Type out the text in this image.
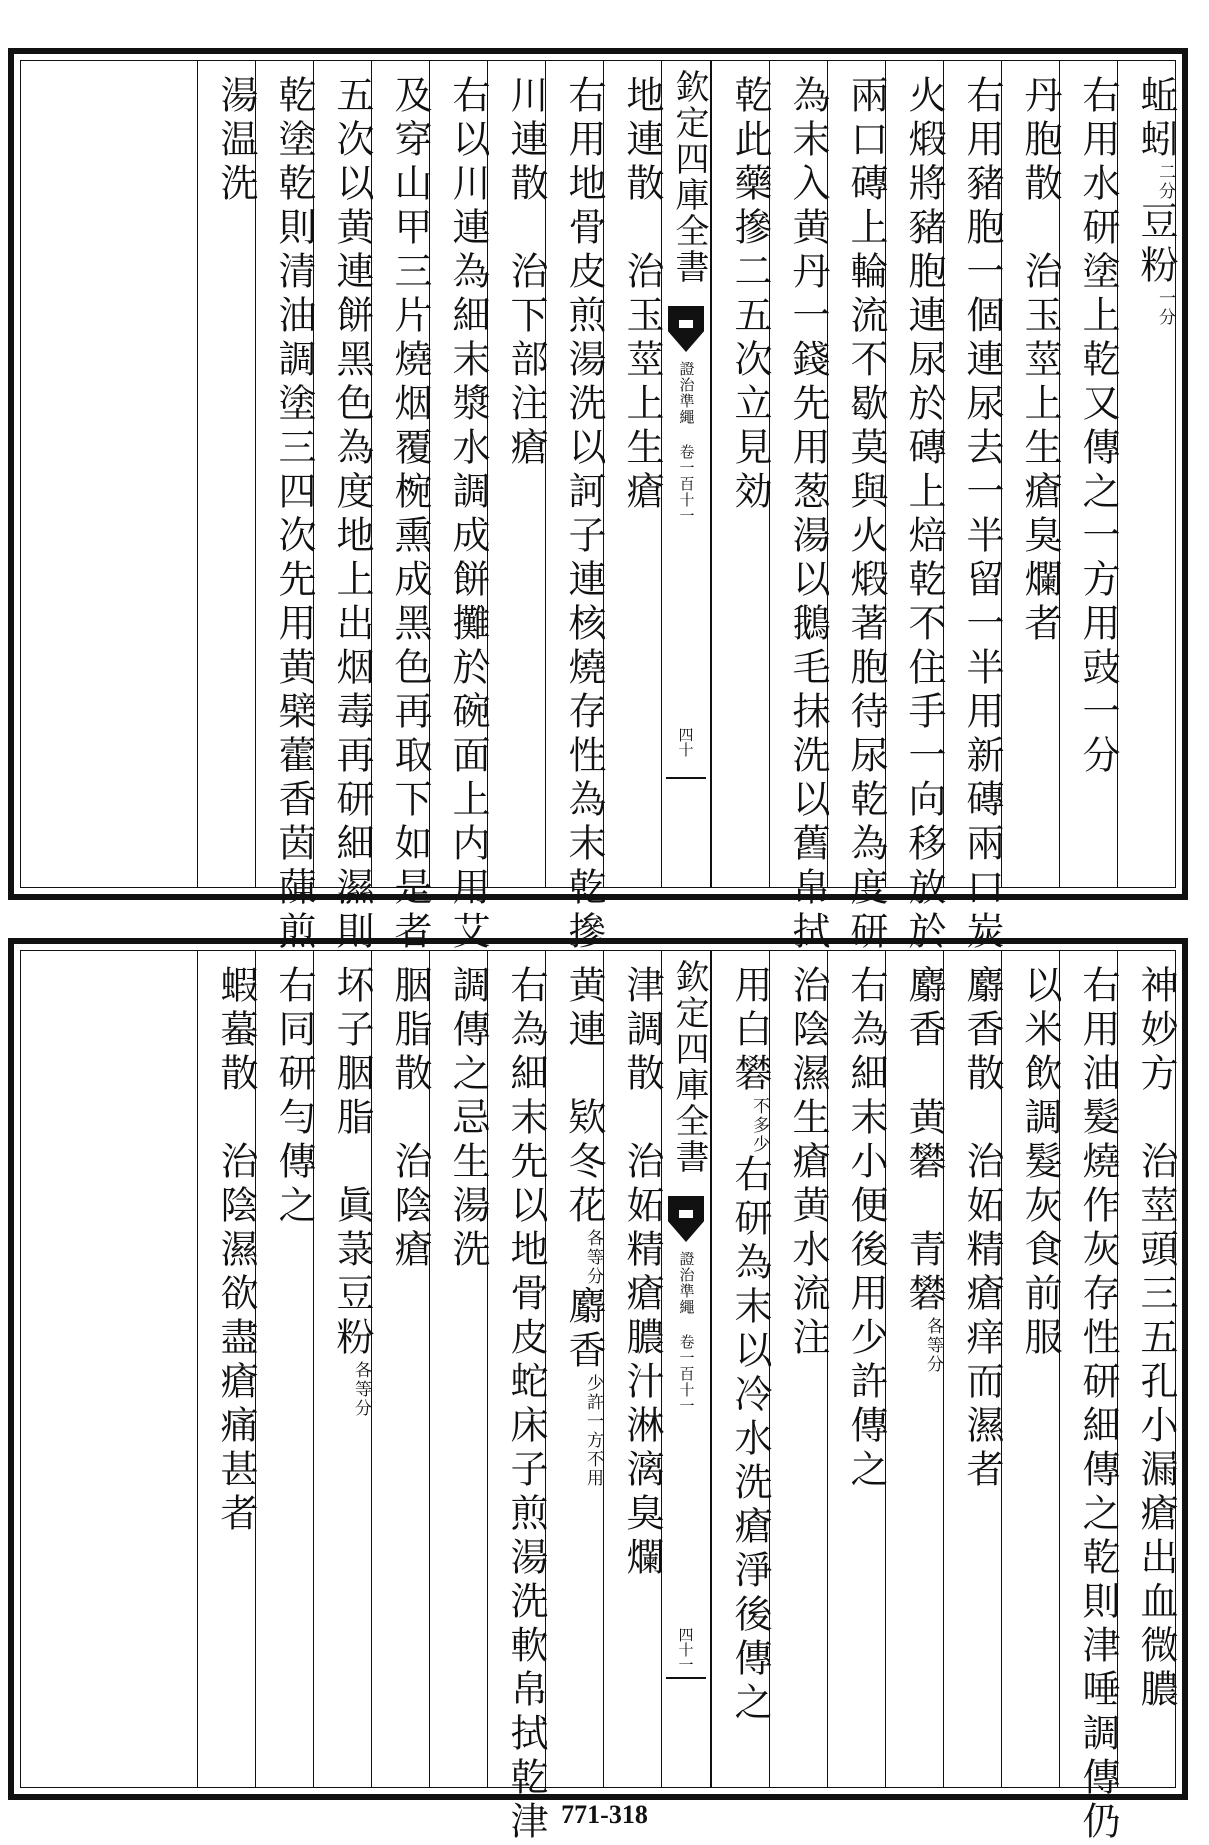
蚯蚓二分豆粉一分
右用水研塗上乾又傳之一方用豉一分
丹胞散　治玉莖上生瘡臭爛者
右用豬胞一個連尿去一半留一半用新磚兩口炭
火煅將豬胞連尿於磚上焙乾不住手一向移放於
兩口磚上輪流不歇莫與火煅著胞待尿乾為度研
為末入黄丹一錢先用葱湯以鵝毛抹洗以舊帛拭
乾此藥摻二五次立見効
欽定四庫全書
證治準繩 卷一百十一
四十
地連散　治玉莖上生瘡
右用地骨皮煎湯洗以訶子連核燒存性為末乾摻
川連散　治下部注瘡
右以川連為細末漿水調成餅攤於碗面上内用艾
及穿山甲三片燒烟覆椀熏成黑色再取下如是者
五次以黄連餅黑色為度地上出烟毒再研細濕則
乾塗乾則清油調塗三四次先用黄檗藿香茵蔯煎
湯温洗
神妙方　治莖頭三五孔小漏瘡出血微膿
右用油髮燒作灰存性研細傳之乾則津唾調傳仍
以米飲調髮灰食前服
麝香散　治妬精瘡痒而濕者
麝香　黄礬　青礬各等分
右為細末小便後用少許傳之
治陰濕生瘡黄水流注
用白礬不多少右研為末以冷水洗瘡淨後傳之
欽定四庫全書
證治準繩 卷一百十一
四十一
津調散　治妬精瘡膿汁淋漓臭爛
黄連　欵冬花各等分麝香少許一方不用
右為細末先以地骨皮蛇床子煎湯洗軟帛拭乾津
調傳之忌生湯洗
胭脂散　治陰瘡
坏子胭脂　眞菉豆粉各等分
右同研勻傳之
蝦蟇散　治陰濕欲盡瘡痛甚者
771-318
